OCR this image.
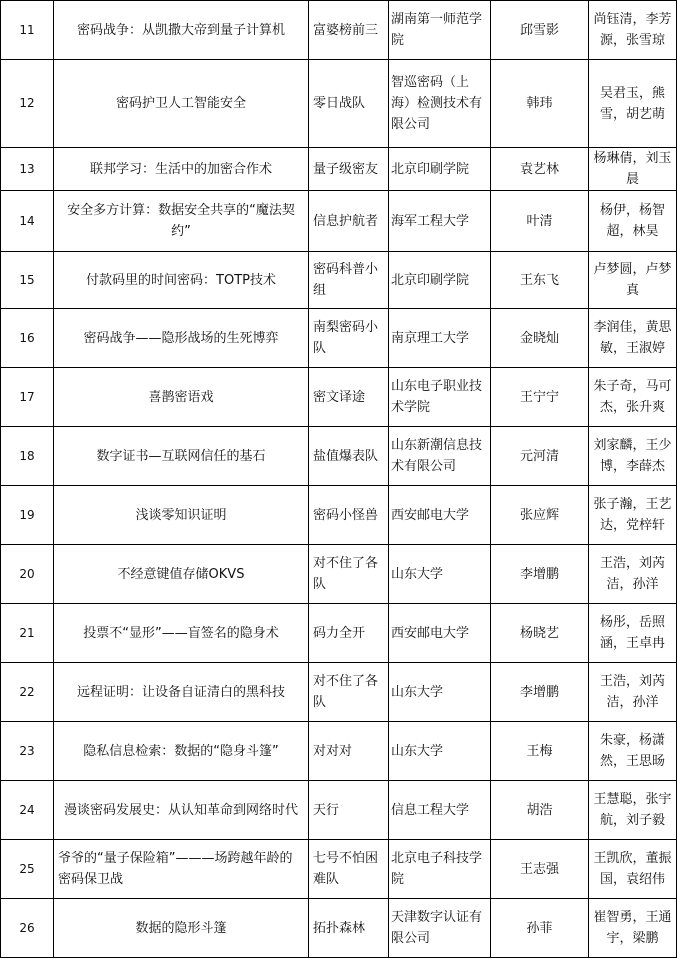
11	密码战争：从凯撒大帝到量子计算机	富婆榜前三	湖南第一师范学院	邱雪影	尚钰清，李芳源，张雪琼
12	密码护卫人工智能安全	零日战队	智巡密码（上海）检测技术有限公司	韩玮	吴君玉，熊雪，胡艺萌
13	联邦学习：生活中的加密合作术	量子级密友	北京印刷学院	袁艺林	杨琳倩，刘玉晨
14	安全多方计算：数据安全共享的“魔法契约”	信息护航者	海军工程大学	叶清	杨伊，杨智超，林昊
15	付款码里的时间密码：TOTP技术	密码科普小组	北京印刷学院	王东飞	卢梦圆，卢梦真
16	密码战争——隐形战场的生死博弈	南梨密码小队	南京理工大学	金晓灿	李润佳，黄思敏，王淑婷
17	喜鹊密语戏	密文译途	山东电子职业技术学院	王宁宁	朱子奇，马可杰，张升爽
18	数字证书—互联网信任的基石	盐值爆表队	山东新潮信息技术有限公司	元河清	刘家麟，王少博，李薛杰
19	浅谈零知识证明	密码小怪兽	西安邮电大学	张应辉	张子瀚，王艺达，党梓轩
20	不经意键值存储OKVS	对不住了各队	山东大学	李增鹏	王浩，刘芮洁，孙洋
21	投票不“显形”——盲签名的隐身术	码力全开	西安邮电大学	杨晓艺	杨彤，岳照涵，王卓冉
22	远程证明：让设备自证清白的黑科技	对不住了各队	山东大学	李增鹏	王浩，刘芮洁，孙洋
23	隐私信息检索：数据的“隐身斗篷”	对对对	山东大学	王梅	朱豪，杨潇然，王思旸
24	漫谈密码发展史：从认知革命到网络时代	天行	信息工程大学	胡浩	王慧聪，张宇航，刘子毅
25	爷爷的“量子保险箱”———场跨越年龄的密码保卫战	七号不怕困难队	北京电子科技学院	王志强	王凯欣，董振国，袁绍伟
26	数据的隐形斗篷	拓扑森林	天津数字认证有限公司	孙菲	崔智勇，王通宇，梁鹏
